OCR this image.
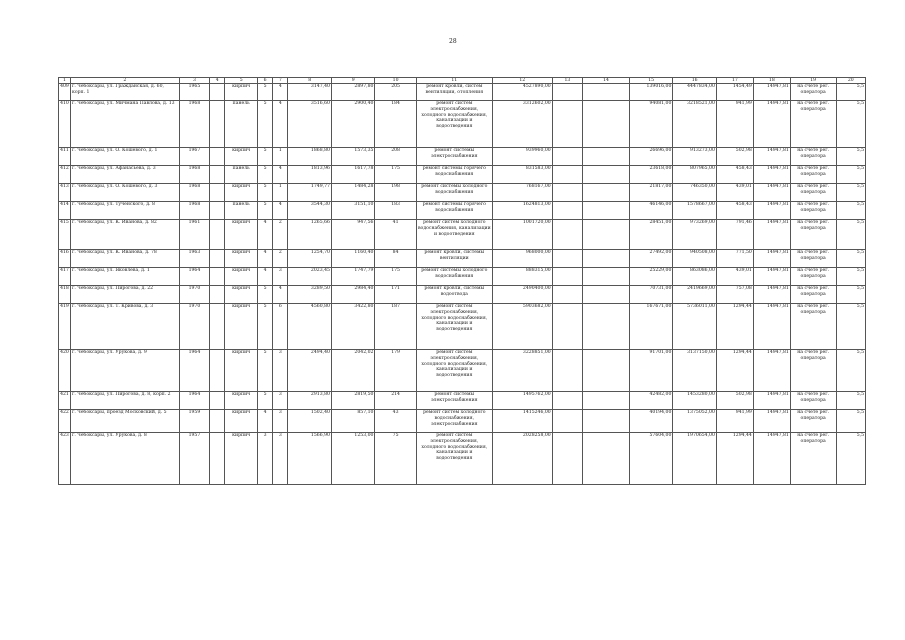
28
1	2	3	4	5	6	7	8	9	10	11	12	13	14	15	16	17	18	19	20
409	г. Чебоксары, ул. Гражданская, д. 60, корп. 1	1965		кирпич	5	4	3147,40	2897,80	205	ремонт кровли, систем вентиляции, отопления	4527890,00			139016,00	4447834,00	1454,49	14947,81	на счете рег. оператора	5,5
410	г. Чебоксары, ул. Мичмана Павлова, д. 13	1968		панель	5	4	3516,60	2900,40	184	ремонт систем электроснабжения, холодного водоснабжения, канализации и водоотведения	3312602,00			94081,00	3218521,00	941,99	14947,81	на счете рег. оператора	5,5
411	г. Чебоксары, ул. О. Кошевого, д. 1	1967		кирпич	5	1	1868,80	1573,35	208	ремонт системы электроснабжения	939960,00			26696,00	913273,00	502,98	14947,81	на счете рег. оператора	5,5
412	г. Чебоксары, ул. Афанасьева, д. 3	1968		панель	5	4	1813,96	1617,78	175	ремонт системы горячего водоснабжения	831583,00			23618,00	807965,00	458,43	14947,81	на счете рег. оператора	5,5
413	г. Чебоксары, ул. О. Кошевого, д. 3	1968		кирпич	5	1	1749,77	1484,28	198	ремонт системы холодного водоснабжения	768167,00			21817,00	746350,00	439,01	14947,81	на счете рег. оператора	5,5
414	г. Чебоксары, ул. Тученского, д. 8	1968		панель	5	4	3544,30	3151,10	183	ремонт системы горячего водоснабжения	1624813,00			46146,00	1578667,00	458,43	14947,81	на счете рег. оператора	5,5
415	г. Чебоксары, ул. К. Иванова, д. 82	1961		кирпич	4	2	1265,66	947,56	41	ремонт систем холодного водоснабжения, канализации и водоотведения	1001720,00			28451,00	973269,00	791,46	14947,81	на счете рег. оператора	5,5
416	г. Чебоксары, ул. К. Иванова, д. 78	1963		кирпич	4	2	1254,70	1160,40	84	ремонт кровли, системы вентиляции	968000,00			27492,00	940508,00	771,50	14947,81	на счете рег. оператора	5,5
417	г. Чебоксары, ул. Яковлева, д. 1	1964		кирпич	4	3	2023,45	1747,79	175	ремонт системы холодного водоснабжения	888315,00			25229,00	863086,00	439,01	14947,81	на счете рег. оператора	5,5
418	г. Чебоксары, ул. Пирогова, д. 22	1970		кирпич	5	4	3289,50	2984,40	171	ремонт кровли, системы водоотвода	2490400,00			70731,00	2419669,00	757,08	14947,81	на счете рег. оператора	5,5
419	г. Чебоксары, ул. Т. Кривова, д. 3	1970		кирпич	5	6	4560,80	3422,80	187	ремонт систем электроснабжения, холодного водоснабжения, канализации и водоотведения	5903682,00			167671,00	5736011,00	1294,44	14947,81	на счете рег. оператора	5,5
420	г. Чебоксары, ул. Урукова, д. 9	1964		кирпич	5	3	2494,40	2042,02	179	ремонт систем электроснабжения, холодного водоснабжения, канализации и водоотведения	3228851,00			91701,00	3137150,00	1294,44	14947,81	на счете рег. оператора	5,5
421	г. Чебоксары, ул. Пирогова, д. 8, корп. 2	1964		кирпич	5	3	2913,80	2819,50	214	ремонт системы электроснабжения	1495762,00			42482,00	1453280,00	502,98	14947,81	на счете рег. оператора	5,5
422	г. Чебоксары, проезд Московский, д. 5	1959		кирпич	4	3	1502,40	857,10	43	ремонт систем холодного водоснабжения, электроснабжения	1415246,00			40194,00	1375052,00	941,99	14947,81	на счете рег. оператора	5,5
423	г. Чебоксары, ул. Урукова, д. 8	1957		кирпич	3	3	1566,90	1253,00	75	ремонт систем электроснабжения, холодного водоснабжения, канализации и водоотведения	2028258,00			57604,00	1970654,00	1294,44	14947,81	на счете рег. оператора	5,5
